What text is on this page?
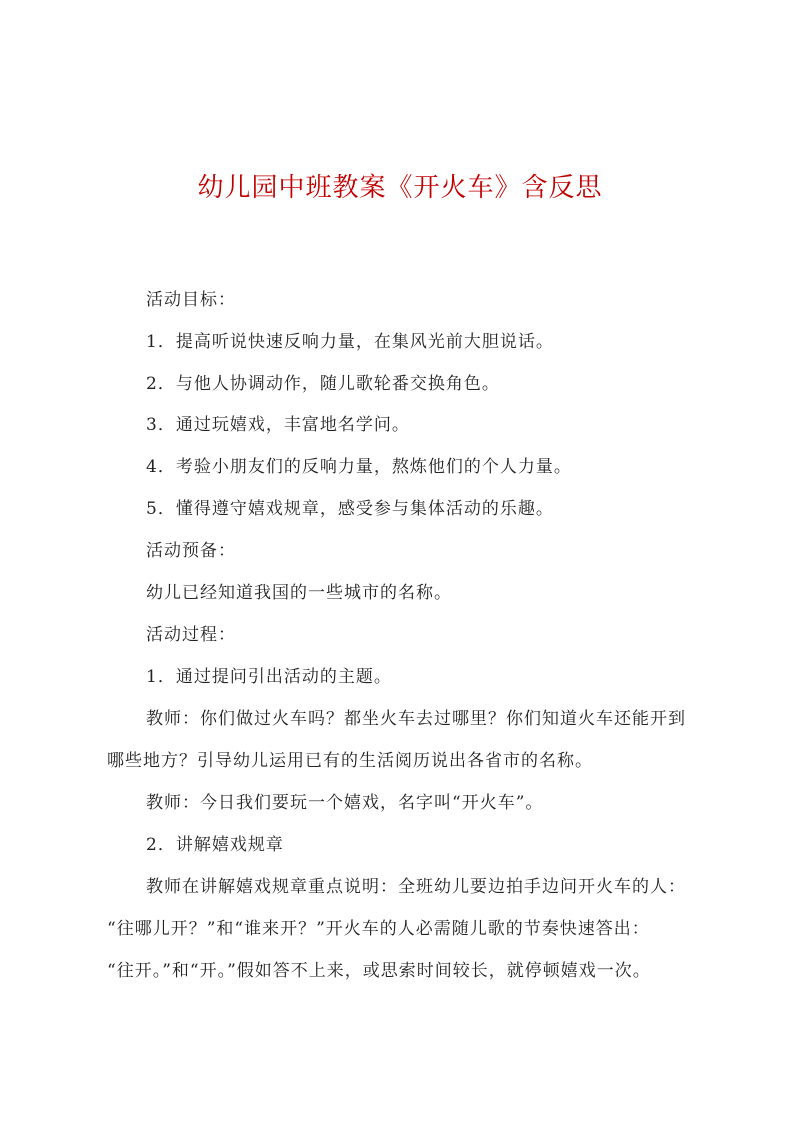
幼儿园中班教案《开火车》含反思
活动目标：
1．提高听说快速反响力量，在集风光前大胆说话。
2．与他人协调动作，随儿歌轮番交换角色。
3．通过玩嬉戏，丰富地名学问。
4．考验小朋友们的反响力量，熬炼他们的个人力量。
5．懂得遵守嬉戏规章，感受参与集体活动的乐趣。
活动预备：
幼儿已经知道我国的一些城市的名称。
活动过程：
1．通过提问引出活动的主题。
教师：你们做过火车吗？都坐火车去过哪里？你们知道火车还能开到
哪些地方？引导幼儿运用已有的生活阅历说出各省市的名称。
教师：今日我们要玩一个嬉戏，名字叫“开火车”。
2．讲解嬉戏规章
教师在讲解嬉戏规章重点说明：全班幼儿要边拍手边问开火车的人：
“往哪儿开？”和“谁来开？”开火车的人必需随儿歌的节奏快速答出：
“往开。”和“开。”假如答不上来，或思索时间较长，就停顿嬉戏一次。
